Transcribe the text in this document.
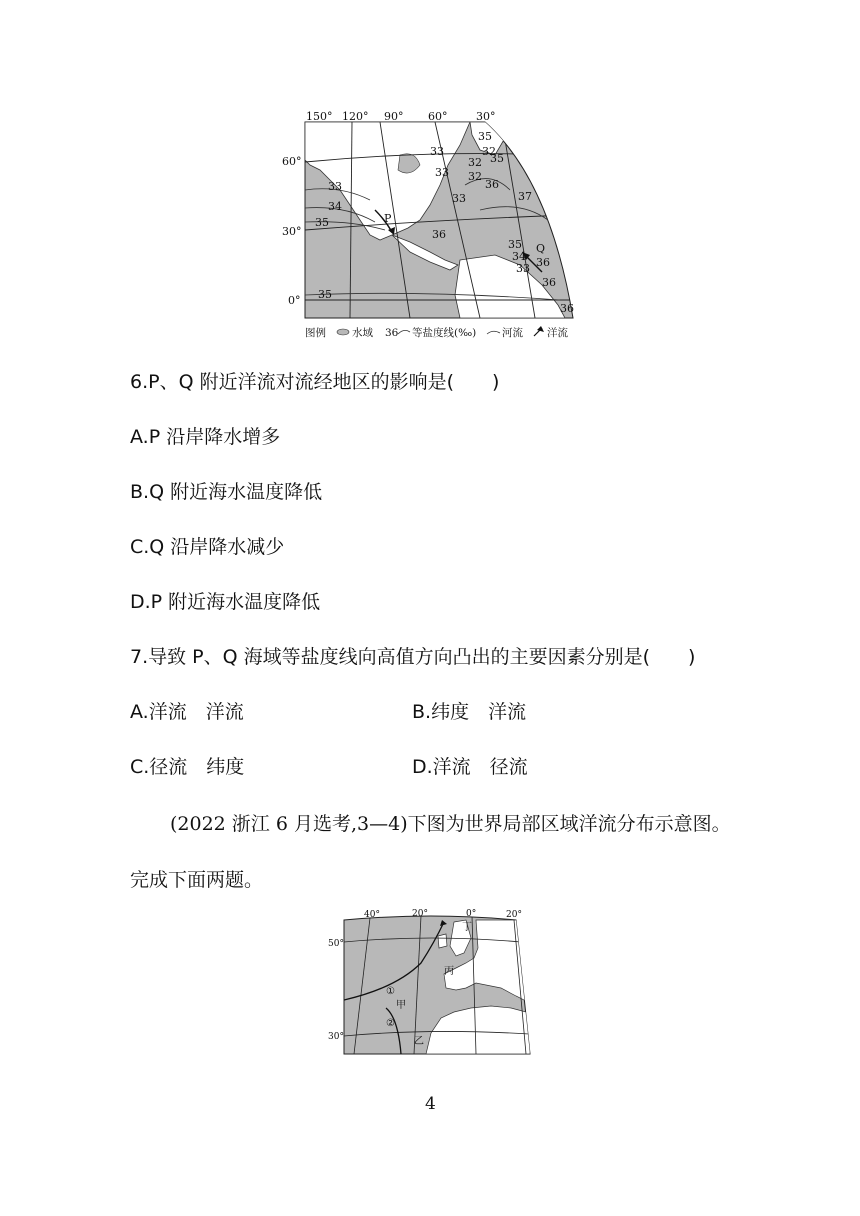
150° 120° 90° 60°	30°
60°
30°
0°
35
32
33
32 35
33 32
36
33	37
33
34
35
36
35
34
33 36
36
35
36
P
Q
图例 水域 36 等盐度线(‰) 河流 洋流
6.P、Q 附近洋流对流经地区的影响是(　　)
A.P 沿岸降水增多
B.Q 附近海水温度降低
C.Q 沿岸降水减少
D.P 附近海水温度降低
7.导致 P、Q 海域等盐度线向高值方向凸出的主要因素分别是(　　)
A.洋流　洋流	B.纬度　洋流
C.径流　纬度	D.洋流　径流
(2022 浙江 6 月选考,3—4)下图为世界局部区域洋流分布示意图。
完成下面两题。
40°	20°	0°	20°
50°
30°
丁
丙
①
甲
②
乙
4
